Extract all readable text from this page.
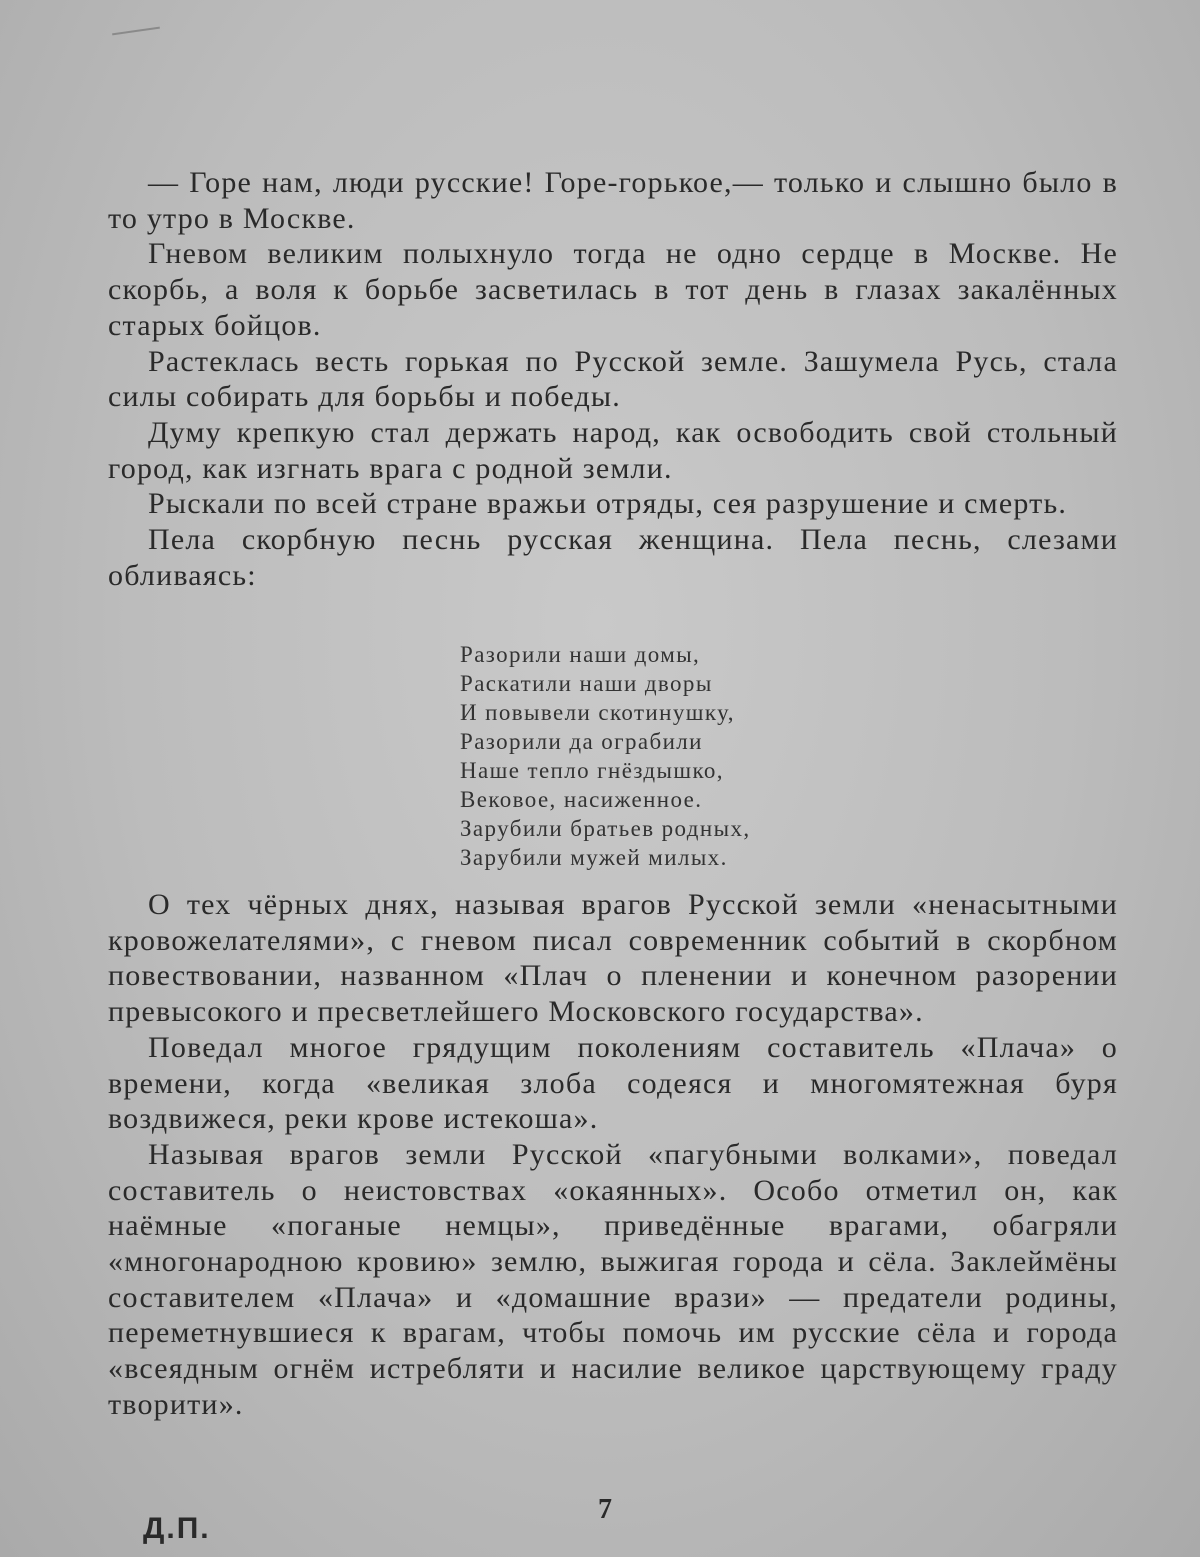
— Горе нам, люди русские! Горе-горькое,— только и слышно было в то утро в Москве.

Гневом великим полыхнуло тогда не одно сердце в Москве. Не скорбь, а воля к борьбе засветилась в тот день в глазах закалённых старых бойцов.

Растеклась весть горькая по Русской земле. Зашумела Русь, стала силы собирать для борьбы и победы.

Думу крепкую стал держать народ, как освободить свой стольный город, как изгнать врага с родной земли.

Рыскали по всей стране вражьи отряды, сея разрушение и смерть.

Пела скорбную песнь русская женщина. Пела песнь, слезами обливаясь:

Разорили наши домы,
Раскатили наши дворы
И повывели скотинушку,
Разорили да ограбили
Наше тепло гнёздышко,
Вековое, насиженное.
Зарубили братьев родных,
Зарубили мужей милых.

О тех чёрных днях, называя врагов Русской земли «ненасытными кровожелателями», с гневом писал современник событий в скорбном повествовании, названном «Плач о пленении и конечном разорении превысокого и пресветлейшего Московского государства».

Поведал многое грядущим поколениям составитель «Плача» о времени, когда «великая злоба содеяся и многомятежная буря воздвижеся, реки крове истекоша».

Называя врагов земли Русской «пагубными волками», поведал составитель о неистовствах «окаянных». Особо отметил он, как наёмные «поганые немцы», приведённые врагами, обагряли «многонародною кровию» землю, выжигая города и сёла. Заклеймёны составителем «Плача» и «домашние врази» — предатели родины, переметнувшиеся к врагам, чтобы помочь им русские сёла и города «всеядным огнём истребляти и насилие великое царствующему граду творити».

Д.П.
7
